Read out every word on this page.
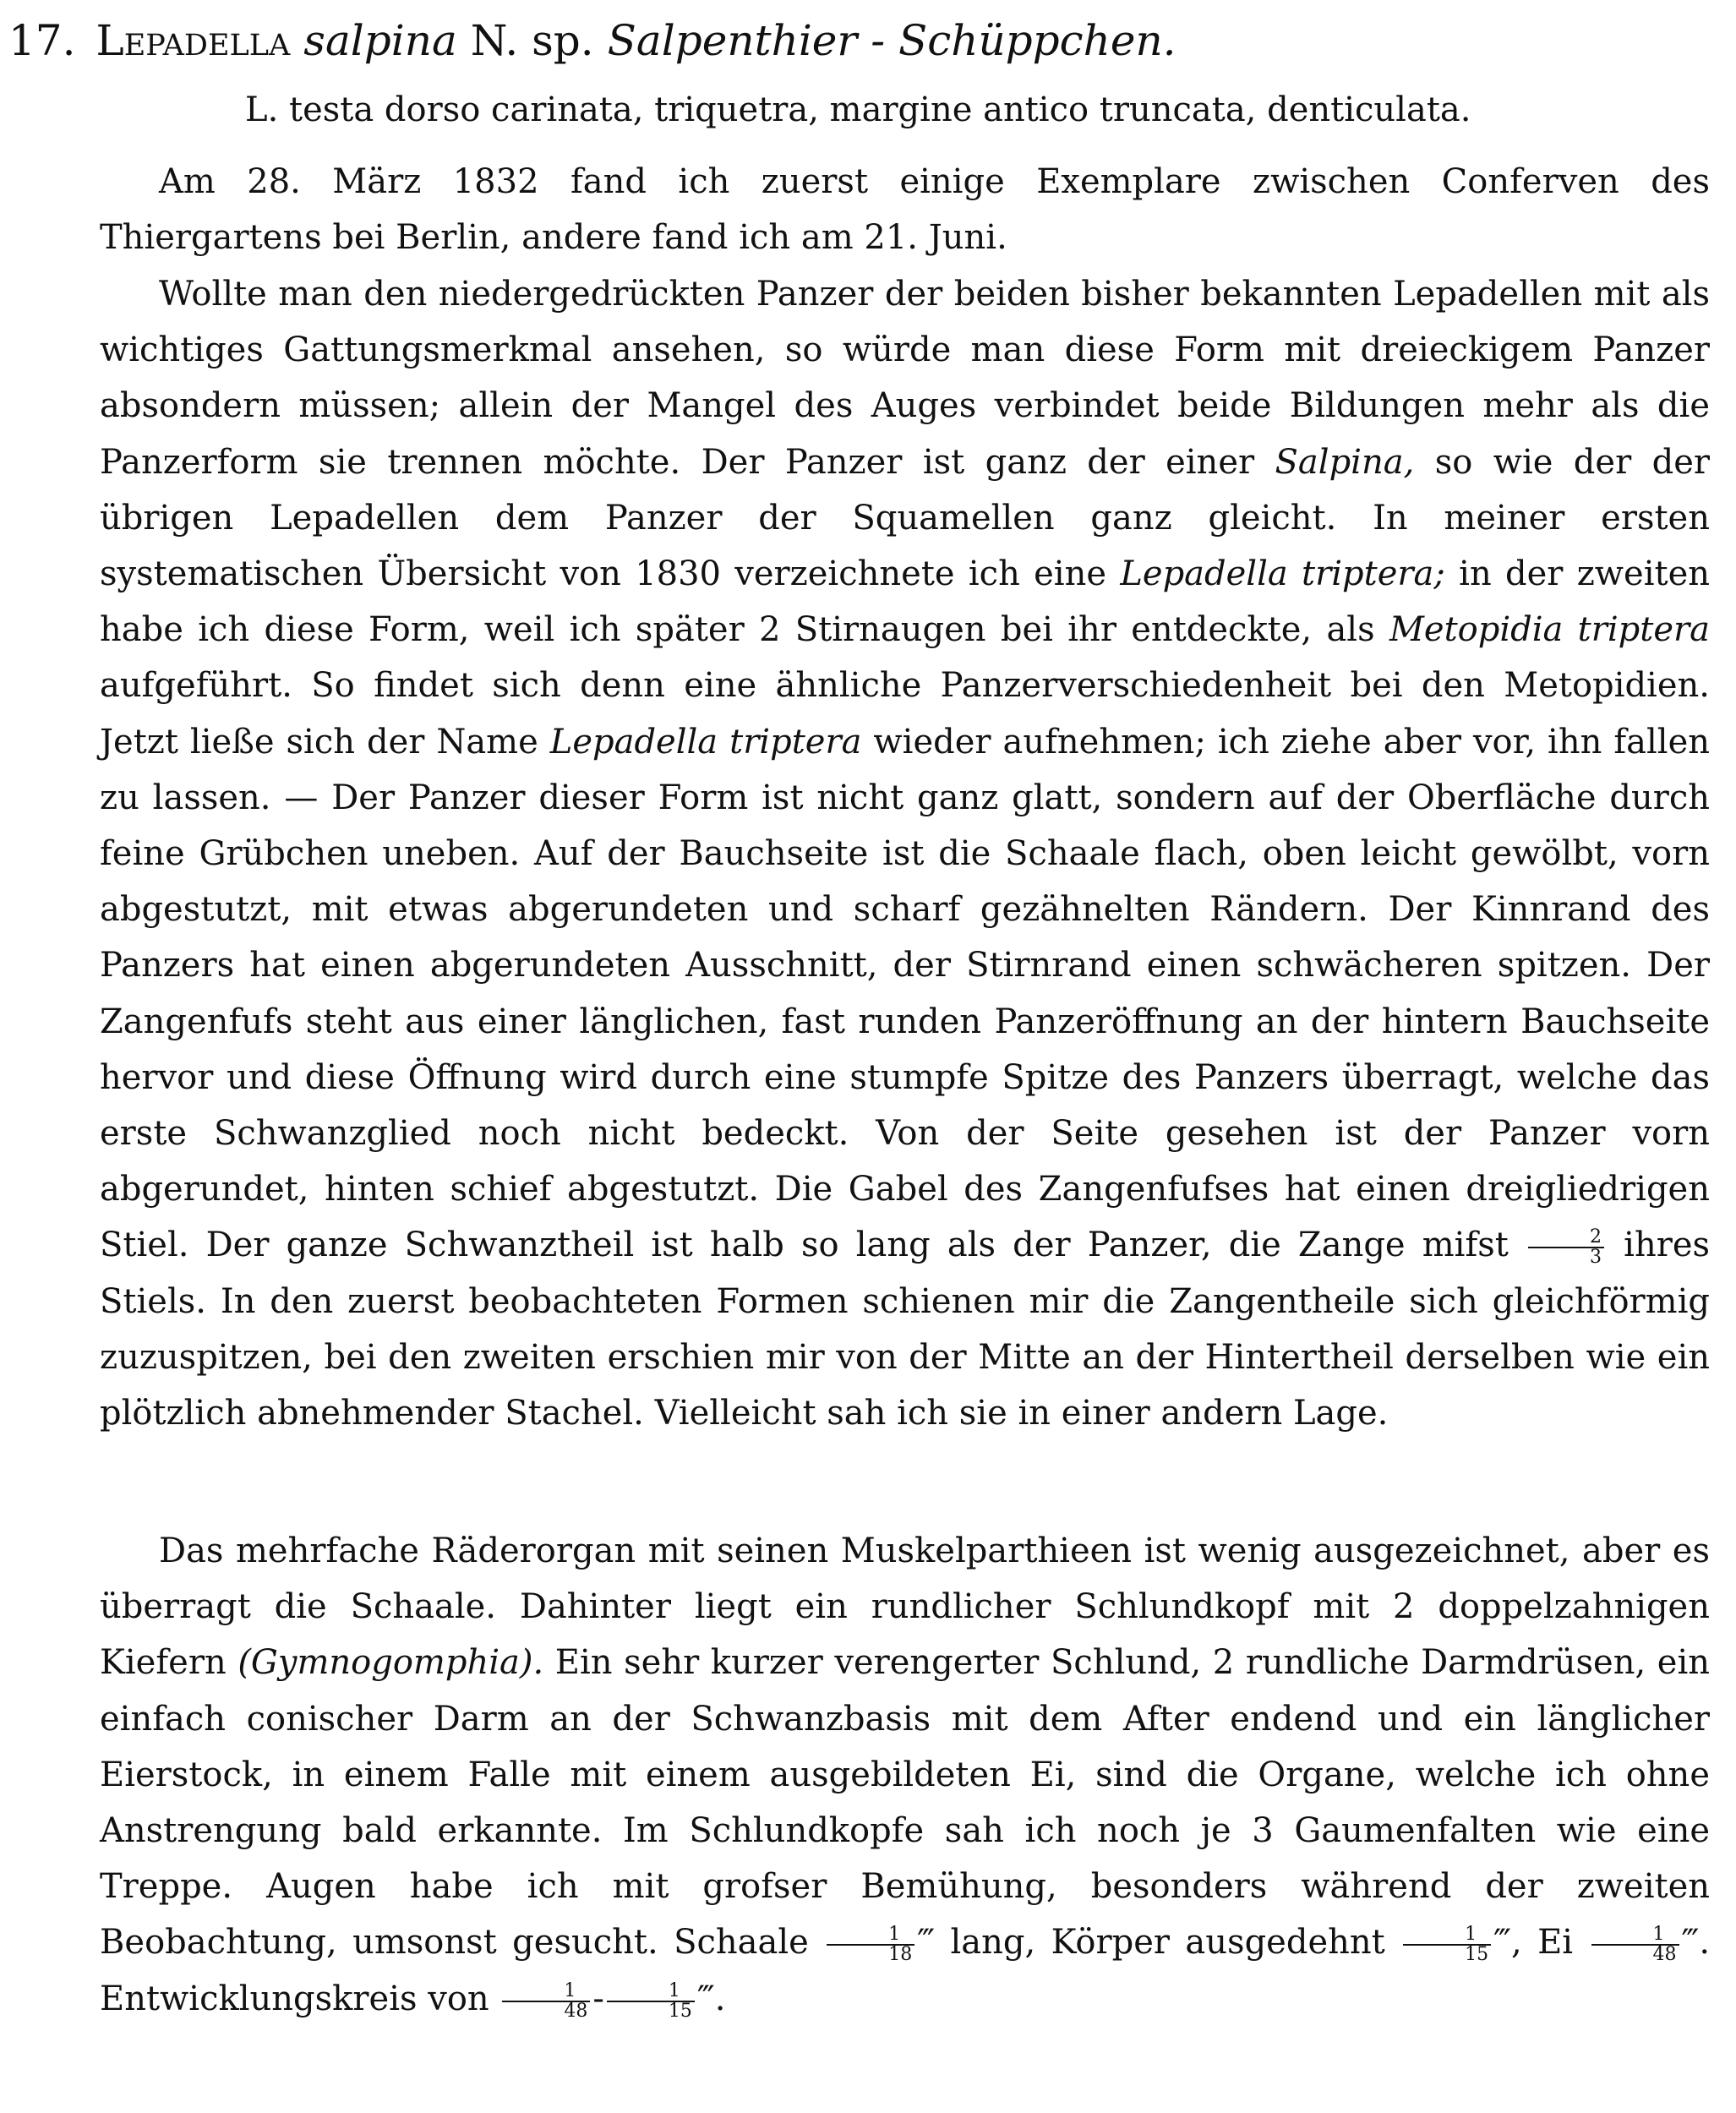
17. Lepadella salpina N. sp. Salpenthier - Schüppchen.
L. testa dorso carinata, triquetra, margine antico truncata, denticulata.

Am 28. März 1832 fand ich zuerst einige Exemplare zwischen Conferven des Thiergartens bei Berlin, andere fand ich am 21. Juni.

Wollte man den niedergedrückten Panzer der beiden bisher bekannten Lepadellen mit als wichtiges Gattungsmerkmal ansehen, so würde man diese Form mit dreieckigem Panzer absondern müssen; allein der Mangel des Auges verbindet beide Bildungen mehr als die Panzerform sie trennen möchte. Der Panzer ist ganz der einer Salpina, so wie der der übrigen Lepadellen dem Panzer der Squamellen ganz gleicht. In meiner ersten systematischen Übersicht von 1830 verzeichnete ich eine Lepadella triptera; in der zweiten habe ich diese Form, weil ich später 2 Stirnaugen bei ihr entdeckte, als Metopidia triptera aufgeführt. So findet sich denn eine ähnliche Panzerverschiedenheit bei den Metopidien. Jetzt ließe sich der Name Lepadella triptera wieder aufnehmen; ich ziehe aber vor, ihn fallen zu lassen. — Der Panzer dieser Form ist nicht ganz glatt, sondern auf der Oberfläche durch feine Grübchen uneben. Auf der Bauchseite ist die Schaale flach, oben leicht gewölbt, vorn abgestutzt, mit etwas abgerundeten und scharf gezähnelten Rändern. Der Kinnrand des Panzers hat einen abgerundeten Ausschnitt, der Stirnrand einen schwächeren spitzen. Der Zangenfufs steht aus einer länglichen, fast runden Panzeröffnung an der hintern Bauchseite hervor und diese Öffnung wird durch eine stumpfe Spitze des Panzers überragt, welche das erste Schwanzglied noch nicht bedeckt. Von der Seite gesehen ist der Panzer vorn abgerundet, hinten schief abgestutzt. Die Gabel des Zangenfufses hat einen dreigliedrigen Stiel. Der ganze Schwanztheil ist halb so lang als der Panzer, die Zange mifst $\frac{2}{3}$ ihres Stiels. In den zuerst beobachteten Formen schienen mir die Zangentheile sich gleichförmig zuzuspitzen, bei den zweiten erschien mir von der Mitte an der Hintertheil derselben wie ein plötzlich abnehmender Stachel. Vielleicht sah ich sie in einer andern Lage.

Das mehrfache Räderorgan mit seinen Muskelparthieen ist wenig ausgezeichnet, aber es überragt die Schaale. Dahinter liegt ein rundlicher Schlundkopf mit 2 doppelzahnigen Kiefern (Gymnogomphia). Ein sehr kurzer verengerter Schlund, 2 rundliche Darmdrüsen, ein einfach conischer Darm an der Schwanzbasis mit dem After endend und ein länglicher Eierstock, in einem Falle mit einem ausgebildeten Ei, sind die Organe, welche ich ohne Anstrengung bald erkannte. Im Schlundkopfe sah ich noch je 3 Gaumenfalten wie eine Treppe. Augen habe ich mit grofser Bemühung, besonders während der zweiten Beobachtung, umsonst gesucht. Schaale $\frac{1}{18}$ ‴ lang, Körper ausgedehnt $\frac{1}{15}$ ‴, Ei $\frac{1}{48}$ ‴. Entwicklungskreis von $\frac{1}{48} - \frac{1}{15}$ ‴.
